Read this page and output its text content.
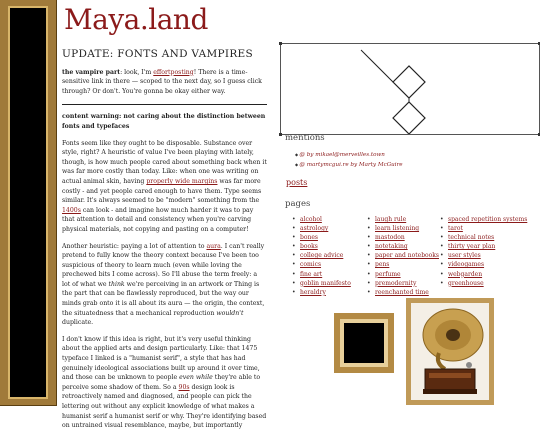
Maya.land
UPDATE: FONTS AND VAMPIRES

the vampire part: look, I'm effortposting! There is a time-sensitive link in there — scoped to the next day, so I guess click through? Or don't. You're gonna be okay either way.

content warning: not caring about the distinction between fonts and typefaces

Fonts seem like they ought to be disposable. Substance over style, right? A heuristic of value I've been playing with lately, though, is how much people cared about something back when it was far more costly than today. Like: when one was writing on actual animal skin, having properly wide margins was far more costly - and yet people cared enough to have them. Type seems similar. It's always seemed to be "modern" something from the 1400s can look - and imagine how much harder it was to pay that attention to detail and consistency when you're carving physical materials, not copying and pasting on a computer!

Another heuristic: paying a lot of attention to aura. I can't really pretend to fully know the theory context because I've been too suspicious of theory to learn much (even while loving the prechewed bits I come across). So I'll abuse the term freely: a lot of what we think we're perceiving in an artwork or Thing is the part that can be flawlessly reproduced, but the way our minds grab onto it is all about its aura — the origin, the context, the situatedness that a mechanical reproduction wouldn't duplicate.

I don't know if this idea is right, but it's very useful thinking about the applied arts and design particularly. Like: that 1475 typeface I linked is a "humanist serif", a style that has had genuinely ideological associations built up around it over time, and those can be unknown to people even while they're able to perceive some shadow of them. So a 90s design look is retroactively named and diagnosed, and people can pick the lettering out without any explicit knowledge of what makes a humanist serif a humanist serif or why. They're identifying based on untrained visual resemblance, maybe, but importantly

mentions
◆ @ by mikael@merveilles.town
◆ @ martymcgui.re by Marty McGuire
posts
pages
• alcohol
• astrology
• bones
• books
• college advice
• comics
• fine art
• goblin manifesto
• heraldry
• laugh rule
• learn listening
• mastodon
• notetaking
• paper and notebooks
• pens
• perfume
• premodernity
• reenchanted time
• spaced repetition systems
• tarot
• technical notes
• thirty year plan
• user styles
• videogames
• webgarden
• greenhouse
